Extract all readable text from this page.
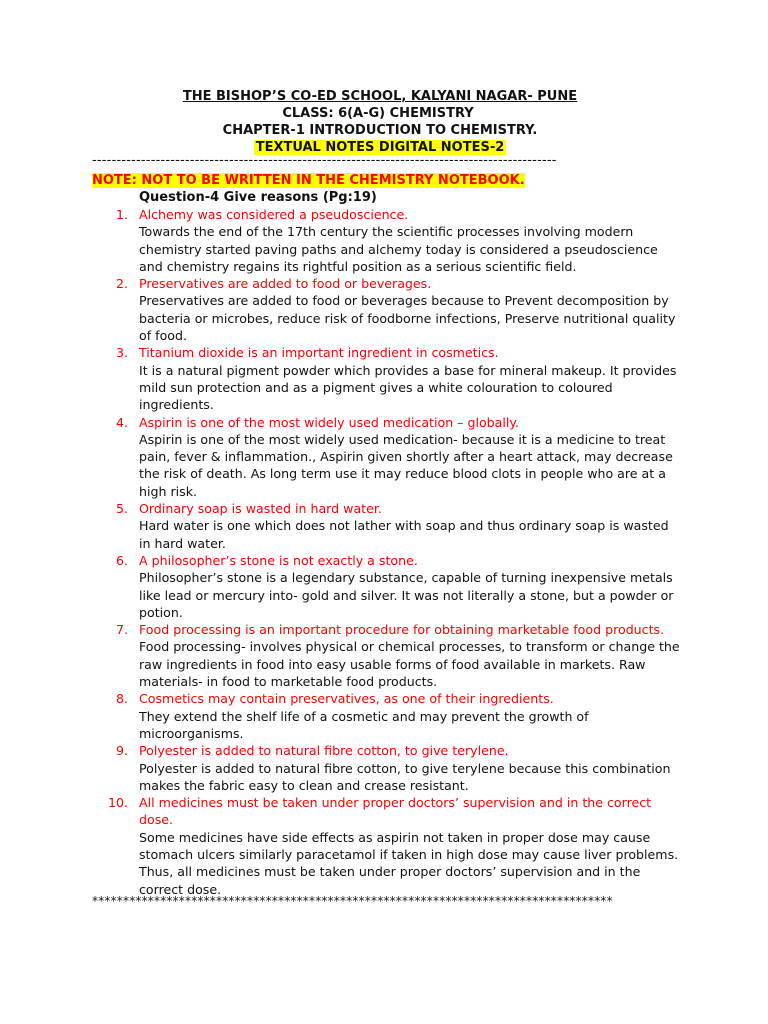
THE BISHOP’S CO-ED SCHOOL, KALYANI NAGAR- PUNE
CLASS: 6(A-G) CHEMISTRY
CHAPTER-1 INTRODUCTION TO CHEMISTRY.
TEXTUAL NOTES DIGITAL NOTES-2
-----------------------------------------------------------------------------------------------
NOTE: NOT TO BE WRITTEN IN THE CHEMISTRY NOTEBOOK.
Question-4 Give reasons (Pg:19)
1. Alchemy was considered a pseudoscience.
Towards the end of the 17th century the scientific processes involving modern chemistry started paving paths and alchemy today is considered a pseudoscience and chemistry regains its rightful position as a serious scientific field.
2. Preservatives are added to food or beverages.
Preservatives are added to food or beverages because to Prevent decomposition by bacteria or microbes, reduce risk of foodborne infections, Preserve nutritional quality of food.
3. Titanium dioxide is an important ingredient in cosmetics.
It is a natural pigment powder which provides a base for mineral makeup. It provides mild sun protection and as a pigment gives a white colouration to coloured ingredients.
4. Aspirin is one of the most widely used medication – globally.
Aspirin is one of the most widely used medication- because it is a medicine to treat pain, fever & inflammation., Aspirin given shortly after a heart attack, may decrease the risk of death. As long term use it may reduce blood clots in people who are at a high risk.
5. Ordinary soap is wasted in hard water.
Hard water is one which does not lather with soap and thus ordinary soap is wasted in hard water.
6. A philosopher’s stone is not exactly a stone.
Philosopher’s stone is a legendary substance, capable of turning inexpensive metals like lead or mercury into- gold and silver. It was not literally a stone, but a powder or potion.
7. Food processing is an important procedure for obtaining marketable food products.
Food processing- involves physical or chemical processes, to transform or change the raw ingredients in food into easy usable forms of food available in markets. Raw materials- in food to marketable food products.
8. Cosmetics may contain preservatives, as one of their ingredients.
They extend the shelf life of a cosmetic and may prevent the growth of microorganisms.
9. Polyester is added to natural fibre cotton, to give terylene.
Polyester is added to natural fibre cotton, to give terylene because this combination makes the fabric easy to clean and crease resistant.
10. All medicines must be taken under proper doctors’ supervision and in the correct dose.
Some medicines have side effects as aspirin not taken in proper dose may cause stomach ulcers similarly paracetamol if taken in high dose may cause liver problems. Thus, all medicines must be taken under proper doctors’ supervision and in the correct dose.
************************************************************************************
